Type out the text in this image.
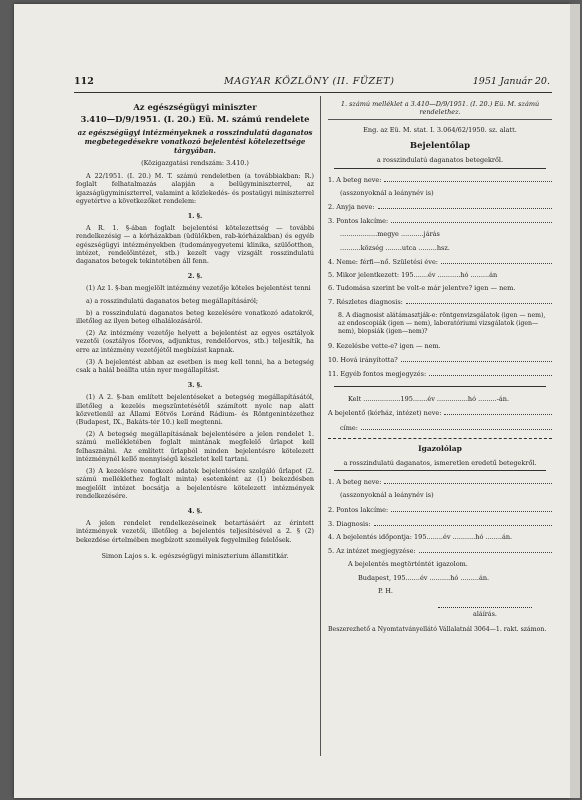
112	MAGYAR KÖZLÖNY (II. FÜZET)	1951 Január 20.
Az egészségügyi miniszter
3.410—D/9/1951. (I. 20.) Eü. M. számú rendelete
az egészségügyi intézményeknek a rosszindulatú daganatos megbetegedésekre vonatkozó bejelentési kötelezettsége tárgyában.
(Közigazgatási rendszám: 3.410.)

A 22/1951. (I. 20.) M. T. számú rendeletben (a továbbiakban: R.) foglalt felhatalmazás alapján a belügyminiszterrel, az igazságügyminiszterrel, valamint a közlekedés- és postaügyi miniszterrel egyetértve a következőket rendelem:

1. §.

A R. 1. §-ában foglalt bejelentési kötelezettség — további rendelkezésig — a kórházakban (üdülőkben, rab-kórházakban) és egyéb egészségügyi intézményekben (tudományegyetemi klinika, szülőotthon, intézet, rendelőintézet, stb.) kezelt vagy vizsgált rosszindulatú daganatos betegek tekintetében áll fenn.

2. §.

(1) Az 1. §-ban megjelölt intézmény vezetője köteles bejelentést tenni

a) a rosszindulatú daganatos beteg megállapításáról;

b) a rosszindulatú daganatos beteg kezelésére vonatkozó adatokról, illetőleg az ilyen beteg elhalálozásáról.

(2) Az intézmény vezetője helyett a bejelentést az egyes osztályok vezetői (osztályos főorvos, adjunktus, rendelőorvos, stb.) teljesítik, ha erre az intézmény vezetőjétől megbízást kapnak.

(3) A bejelentést abban az esetben is meg kell tenni, ha a betegség csak a halál beállta után nyer megállapítást.

3. §.

(1) A 2. §-ban említett bejelentéseket a betegség megállapításától, illetőleg a kezelés megszüntetésétől számított nyolc nap alatt közvetlenül az Állami Eötvös Loránd Rádium- és Röntgenintézethez (Budapest, IX., Bakáts-tér 10.) kell megtenni.

(2) A betegség megállapításának bejelentésére a jelen rendelet 1. számú mellékletében foglalt mintának megfelelő űrlapot kell felhasználni. Az említett űrlapból minden bejelentésre kötelezett intézménynél kellő mennyiségű készletet kell tartani.

(3) A kezelésre vonatkozó adatok bejelentésére szolgáló űrlapot (2. számú melléklethez foglalt minta) esetenként az (1) bekezdésben megjelölt intézet bocsátja a bejelentésre kötelezett intézmények rendelkezésére.

4. §.

A jelen rendelet rendelkezéseinek betartásáért az érintett intézmények vezetői, illetőleg a bejelentés teljesítésével a 2. § (2) bekezdése értelmében megbízott személyek fegyelmileg felelősek.

Simon Lajos s. k. egészségügyi miniszterium államtitkár.
1. számú melléklet a 3.410—D/9/1951. (I. 20.) Eü. M. számú rendelethez.
Eng. az Eü. M. stat. I. 3.064/62/1950. sz. alatt.
Bejelentőlap
a rosszindulatú daganatos betegekről.
1. A beteg neve:
(asszonyoknál a leánynév is)
2. Anyja neve:
3. Pontos lakcíme:
..................megye ...........járás
..........község ........utca .........hsz.
4. Neme: férfi—nő. Születési éve:
5. Mikor jelentkezett: 195.......év ...........hó .........án
6. Tudomása szerint be volt-e már jelentve? igen — nem.
7. Részletes diagnosis:
8. A diagnosist alátámasztják-e: röntgenvizsgálatok (igen — nem), az endoscopiák (igen — nem), laboratóriumi vizsgálatok (igen—nem), biopsiák (igen—nem)?
9. Kezelésbe vette-e? igen — nem.
10. Hová irányította?
11. Egyéb fontos megjegyzés:
Kelt ..................195.......év ...............hó .........-án.
A bejelentő (kórház, intézet) neve:
címe:
Igazolólap
a rosszindulatú daganatos, ismeretlen eredetű betegekről.
1. A beteg neve:
(asszonyoknál a leánynév is)
2. Pontos lakcíme:
3. Diagnosis:
4. A bejelentés időpontja: 195........év ...........hó ........án.
5. Az intézet megjegyzése:
A bejelentés megtörténtét igazolom.
Budapest, 195.......év ..........hó .........án.
P. H.
aláírás.
Beszerezhető a Nyomtatványellátó Vállalatnál 3064—1. rakt. számon.
